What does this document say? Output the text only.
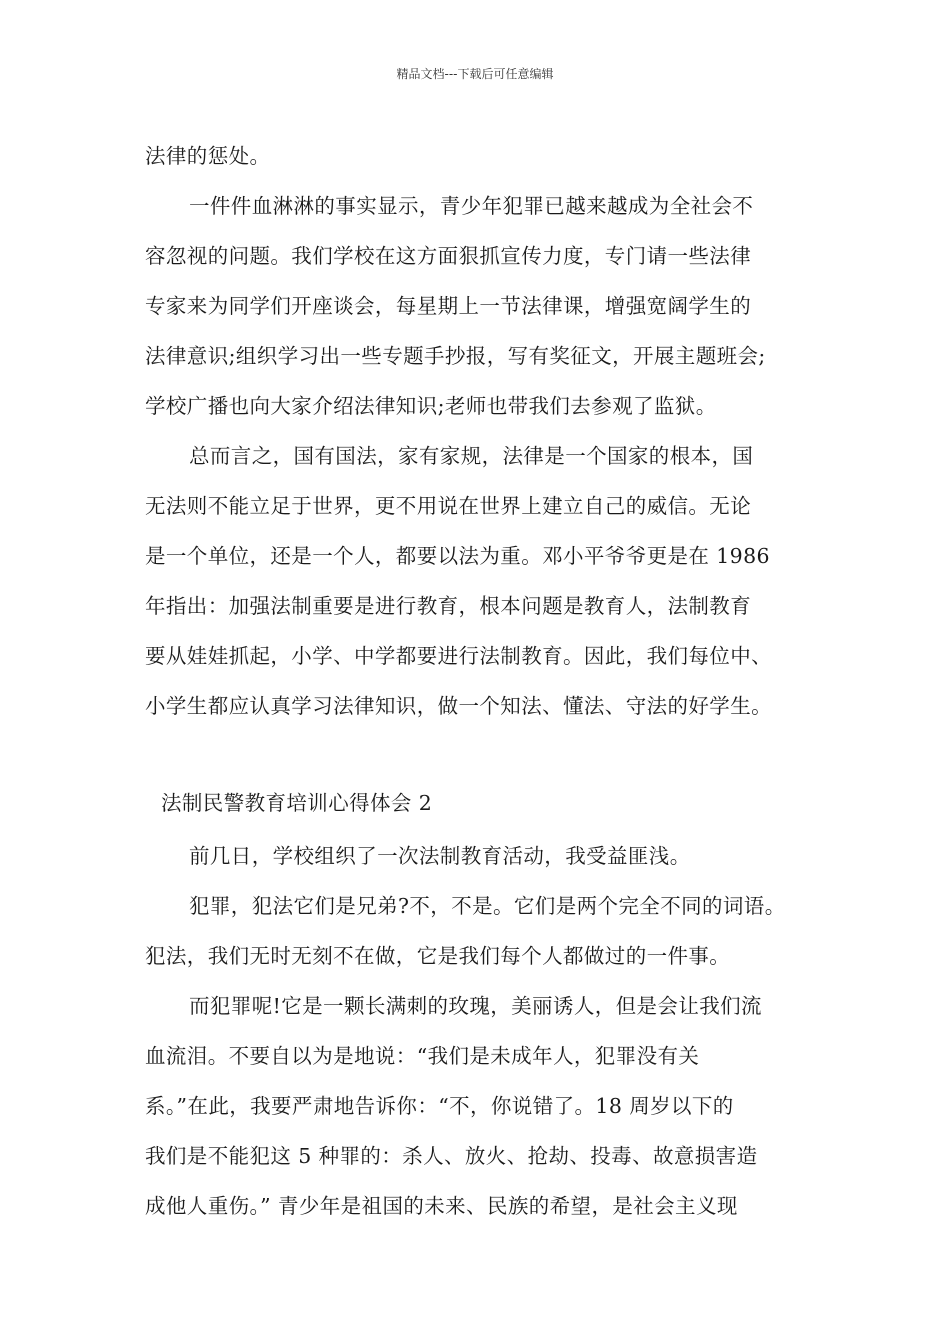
精品文档---下载后可任意编辑
法律的惩处。
一件件血淋淋的事实显示，青少年犯罪已越来越成为全社会不
容忽视的问题。我们学校在这方面狠抓宣传力度，专门请一些法律
专家来为同学们开座谈会，每星期上一节法律课，增强宽阔学生的
法律意识;组织学习出一些专题手抄报，写有奖征文，开展主题班会;
学校广播也向大家介绍法律知识;老师也带我们去参观了监狱。
总而言之，国有国法，家有家规，法律是一个国家的根本，国
无法则不能立足于世界，更不用说在世界上建立自己的威信。无论
是一个单位，还是一个人，都要以法为重。邓小平爷爷更是在 1986
年指出：加强法制重要是进行教育，根本问题是教育人，法制教育
要从娃娃抓起，小学、中学都要进行法制教育。因此，我们每位中、
小学生都应认真学习法律知识，做一个知法、懂法、守法的好学生。
法制民警教育培训心得体会 2
前几日，学校组织了一次法制教育活动，我受益匪浅。
犯罪，犯法它们是兄弟?不，不是。它们是两个完全不同的词语。
犯法，我们无时无刻不在做，它是我们每个人都做过的一件事。
而犯罪呢!它是一颗长满刺的玫瑰，美丽诱人，但是会让我们流
血流泪。不要自以为是地说：“我们是未成年人，犯罪没有关
系。”在此，我要严肃地告诉你：“不，你说错了。18 周岁以下的
我们是不能犯这 5 种罪的：杀人、放火、抢劫、投毒、故意损害造
成他人重伤。” 青少年是祖国的未来、民族的希望，是社会主义现
